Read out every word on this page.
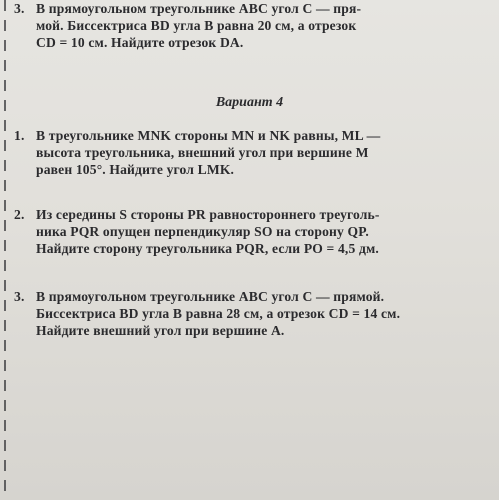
3. В прямоугольном треугольнике ABC угол C — пря-
мой. Биссектриса BD угла B равна 20 см, а отрезок
CD = 10 см. Найдите отрезок DA.
Вариант 4
1. В треугольнике MNK стороны MN и NK равны, ML —
высота треугольника, внешний угол при вершине M
равен 105°. Найдите угол LMK.
2. Из середины S стороны PR равностороннего треуголь-
ника PQR опущен перпендикуляр SO на сторону QP.
Найдите сторону треугольника PQR, если PO = 4,5 дм.
3. В прямоугольном треугольнике ABC угол C — прямой.
Биссектриса BD угла B равна 28 см, а отрезок CD = 14 см.
Найдите внешний угол при вершине A.
